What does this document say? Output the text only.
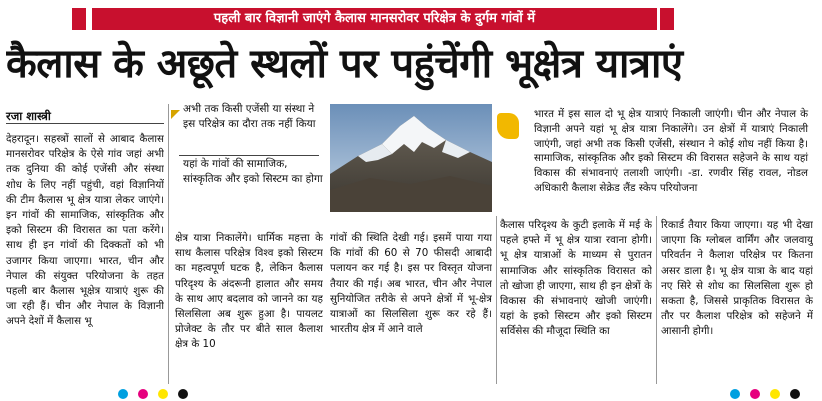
पहली बार विज्ञानी जाएंगे कैलास मानसरोवर परिक्षेत्र के दुर्गम गांवों में
कैलास के अछूते स्थलों पर पहुंचेंगी भूक्षेत्र यात्राएं
रजा शास्त्री
देहरादून। सहस्त्रों सालों से आबाद कैलास मानसरोवर परिक्षेत्र के ऐसे गांव जहां अभी तक दुनिया की कोई एजेंसी और संस्था शोध के लिए नहीं पहुंची, वहां विज्ञानियों की टीम कैलास भू क्षेत्र यात्रा लेकर जाएंगे। इन गांवों की सामाजिक, सांस्कृतिक और इको सिस्टम की विरासत का पता करेंगे। साथ ही इन गांवों की दिक्कतों को भी उजागर किया जाएगा। भारत, चीन और नेपाल की संयुक्त परियोजना के तहत पहली बार कैलास भूक्षेत्र यात्राएं शुरू की जा रही हैं। चीन और नेपाल के विज्ञानी अपने देशों में कैलास भू
अभी तक किसी एजेंसी या संस्था ने इस परिक्षेत्र का दौरा तक नहीं किया
यहां के गांवों की सामाजिक, सांस्कृतिक और इको सिस्टम का होगा
क्षेत्र यात्रा निकालेंगे। धार्मिक महत्ता के साथ कैलास परिक्षेत्र विश्व इको सिस्टम का महत्वपूर्ण घटक है, लेकिन कैलास परिदृश्य के अंदरूनी हालात और समय के साथ आए बदलाव को जानने का यह सिलसिला अब शुरू हुआ है। पायलट प्रोजेक्ट के तौर पर बीते साल कैलाश क्षेत्र के 10
भारत में इस साल दो भू क्षेत्र यात्राएं निकाली जाएंगी। चीन और नेपाल के विज्ञानी अपने यहां भू क्षेत्र यात्रा निकालेंगे। उन क्षेत्रों में यात्राएं निकाली जाएंगी, जहां अभी तक किसी एजेंसी, संस्थान ने कोई शोध नहीं किया है। सामाजिक, सांस्कृतिक और इको सिस्टम की विरासत सहेजने के साथ यहां विकास की संभावनाएं तलाशी जाएंगी। -डा. रणवीर सिंह रावल, नोडल अधिकारी कैलाश सेक्रेड लैंड स्केप परियोजना
गांवों की स्थिति देखी गई। इसमें पाया गया कि गांवों की 60 से 70 फीसदी आबादी पलायन कर गई है। इस पर विस्तृत योजना तैयार की गई। अब भारत, चीन और नेपाल सुनियोजित तरीके से अपने क्षेत्रों में भू-क्षेत्र यात्राओं का सिलसिला शुरू कर रहे हैं। भारतीय क्षेत्र में आने वाले
कैलास परिदृश्य के कुटी इलाके में मई के पहले हफ्ते में भू क्षेत्र यात्रा रवाना होगी। भू क्षेत्र यात्राओं के माध्यम से पुरातन सामाजिक और सांस्कृतिक विरासत को तो खोजा ही जाएगा, साथ ही इन क्षेत्रों के विकास की संभावनाएं खोजी जाएंगी। यहां के इको सिस्टम और इको सिस्टम सर्विसेस की मौजूदा स्थिति का
रिकार्ड तैयार किया जाएगा। यह भी देखा जाएगा कि ग्लोबल वार्मिंग और जलवायु परिवर्तन ने कैलाश परिक्षेत्र पर कितना असर डाला है। भू क्षेत्र यात्रा के बाद यहां नए सिरे से शोध का सिलसिला शुरू हो सकता है, जिससे प्राकृतिक विरासत के तौर पर कैलाश परिक्षेत्र को सहेजने में आसानी होगी।
